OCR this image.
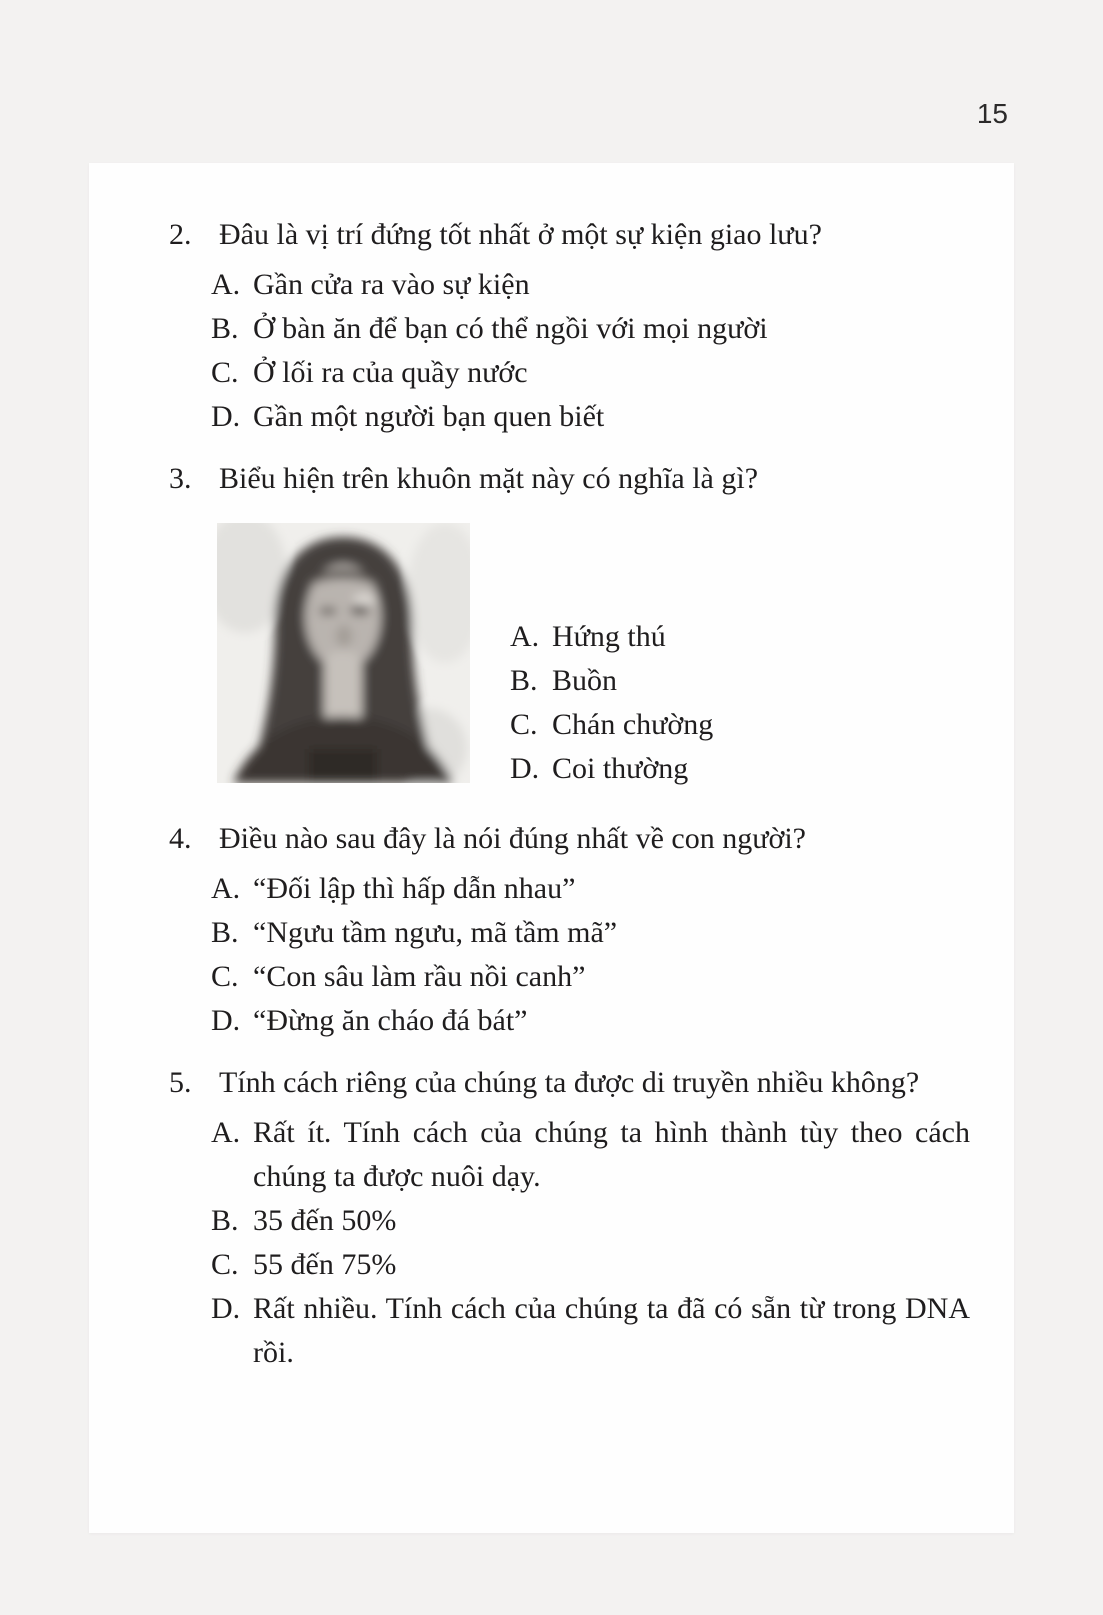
15
2. Đâu là vị trí đứng tốt nhất ở một sự kiện giao lưu?
A. Gần cửa ra vào sự kiện
B. Ở bàn ăn để bạn có thể ngồi với mọi người
C. Ở lối ra của quầy nước
D. Gần một người bạn quen biết
3. Biểu hiện trên khuôn mặt này có nghĩa là gì?
A. Hứng thú
B. Buồn
C. Chán chường
D. Coi thường
4. Điều nào sau đây là nói đúng nhất về con người?
A. “Đối lập thì hấp dẫn nhau”
B. “Ngưu tầm ngưu, mã tầm mã”
C. “Con sâu làm rầu nồi canh”
D. “Đừng ăn cháo đá bát”
5. Tính cách riêng của chúng ta được di truyền nhiều không?
A. Rất ít. Tính cách của chúng ta hình thành tùy theo cách chúng ta được nuôi dạy.
B. 35 đến 50%
C. 55 đến 75%
D. Rất nhiều. Tính cách của chúng ta đã có sẵn từ trong DNA rồi.
